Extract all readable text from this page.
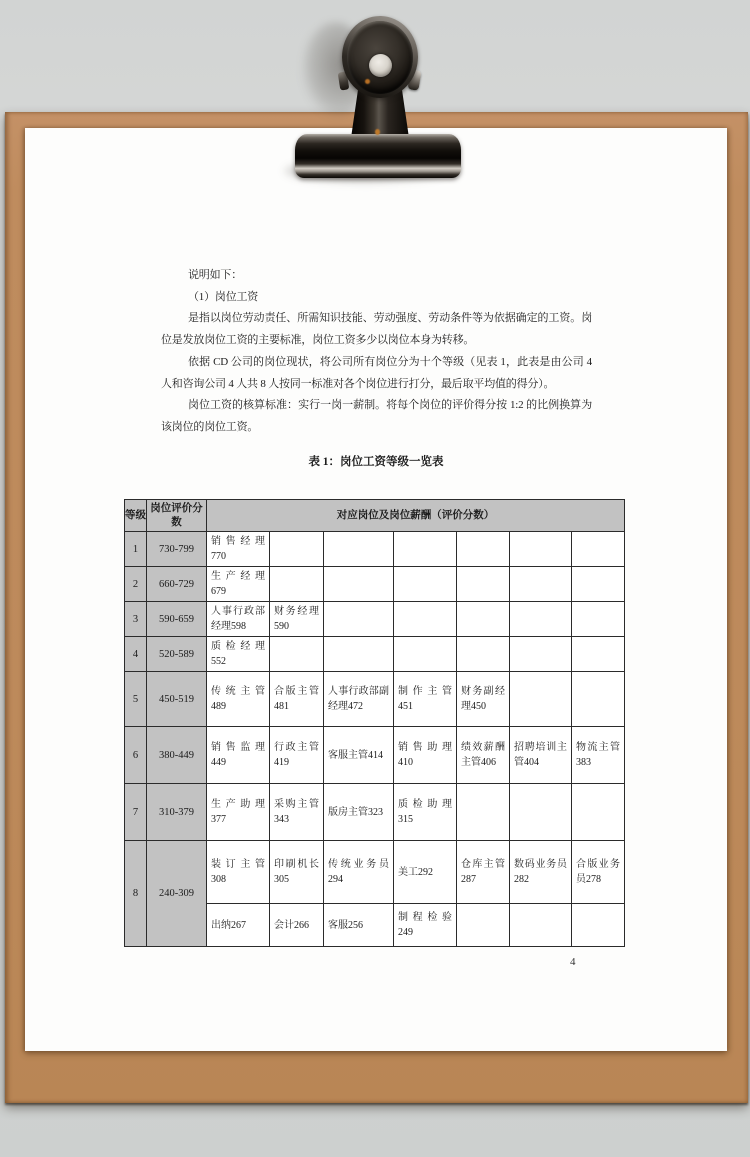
说明如下：

（1）岗位工资

是指以岗位劳动责任、所需知识技能、劳动强度、劳动条件等为依据确定的工资。岗位是发放岗位工资的主要标准，岗位工资多少以岗位本身为转移。

依据 CD 公司的岗位现状，将公司所有岗位分为十个等级（见表 1，此表是由公司 4 人和咨询公司 4 人共 8 人按同一标准对各个岗位进行打分，最后取平均值的得分）。

岗位工资的核算标准：实行一岗一薪制。将每个岗位的评价得分按 1:2 的比例换算为该岗位的岗位工资。

表 1：岗位工资等级一览表
等级	岗位评价分数	对应岗位及岗位薪酬（评价分数）						
1	730-799	销售经理770						
2	660-729	生产经理679						
3	590-659	人事行政部经理598	财务经理590					
4	520-589	质检经理552						
5	450-519	传统主管489	合版主管481	人事行政部副经理472	制作主管451	财务副经理450		
6	380-449	销售监理449	行政主管419	客服主管414	销售助理410	绩效薪酬主管406	招聘培训主管404	物流主管383
7	310-379	生产助理377	采购主管343	版房主管323	质检助理315			
8	240-309	装订主管308	印刷机长305	传统业务员294	美工292	仓库主管287	数码业务员282	合版业务员278
		出纳267	会计266	客服256	制程检验249			
4
